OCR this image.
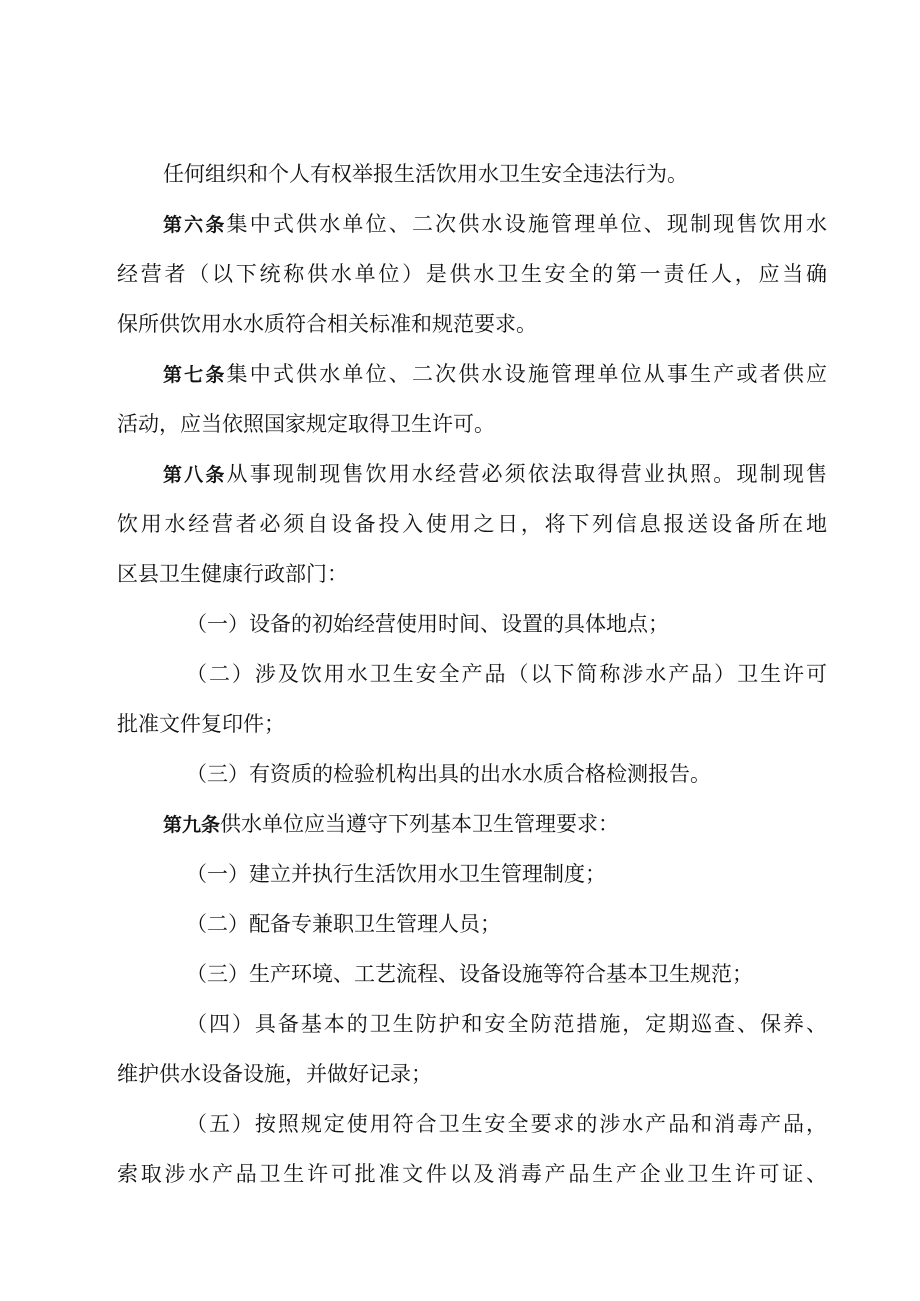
任何组织和个人有权举报生活饮用水卫生安全违法行为。
第六条集中式供水单位、二次供水设施管理单位、现制现售饮用水
经营者（以下统称供水单位）是供水卫生安全的第一责任人，应当确
保所供饮用水水质符合相关标准和规范要求。
第七条集中式供水单位、二次供水设施管理单位从事生产或者供应
活动，应当依照国家规定取得卫生许可。
第八条从事现制现售饮用水经营必须依法取得营业执照。现制现售
饮用水经营者必须自设备投入使用之日，将下列信息报送设备所在地
区县卫生健康行政部门：
（一）设备的初始经营使用时间、设置的具体地点；
（二）涉及饮用水卫生安全产品（以下简称涉水产品）卫生许可
批准文件复印件；
（三）有资质的检验机构出具的出水水质合格检测报告。
第九条供水单位应当遵守下列基本卫生管理要求：
（一）建立并执行生活饮用水卫生管理制度；
（二）配备专兼职卫生管理人员；
（三）生产环境、工艺流程、设备设施等符合基本卫生规范；
（四）具备基本的卫生防护和安全防范措施，定期巡查、保养、
维护供水设备设施，并做好记录；
（五）按照规定使用符合卫生安全要求的涉水产品和消毒产品，
索取涉水产品卫生许可批准文件以及消毒产品生产企业卫生许可证、
